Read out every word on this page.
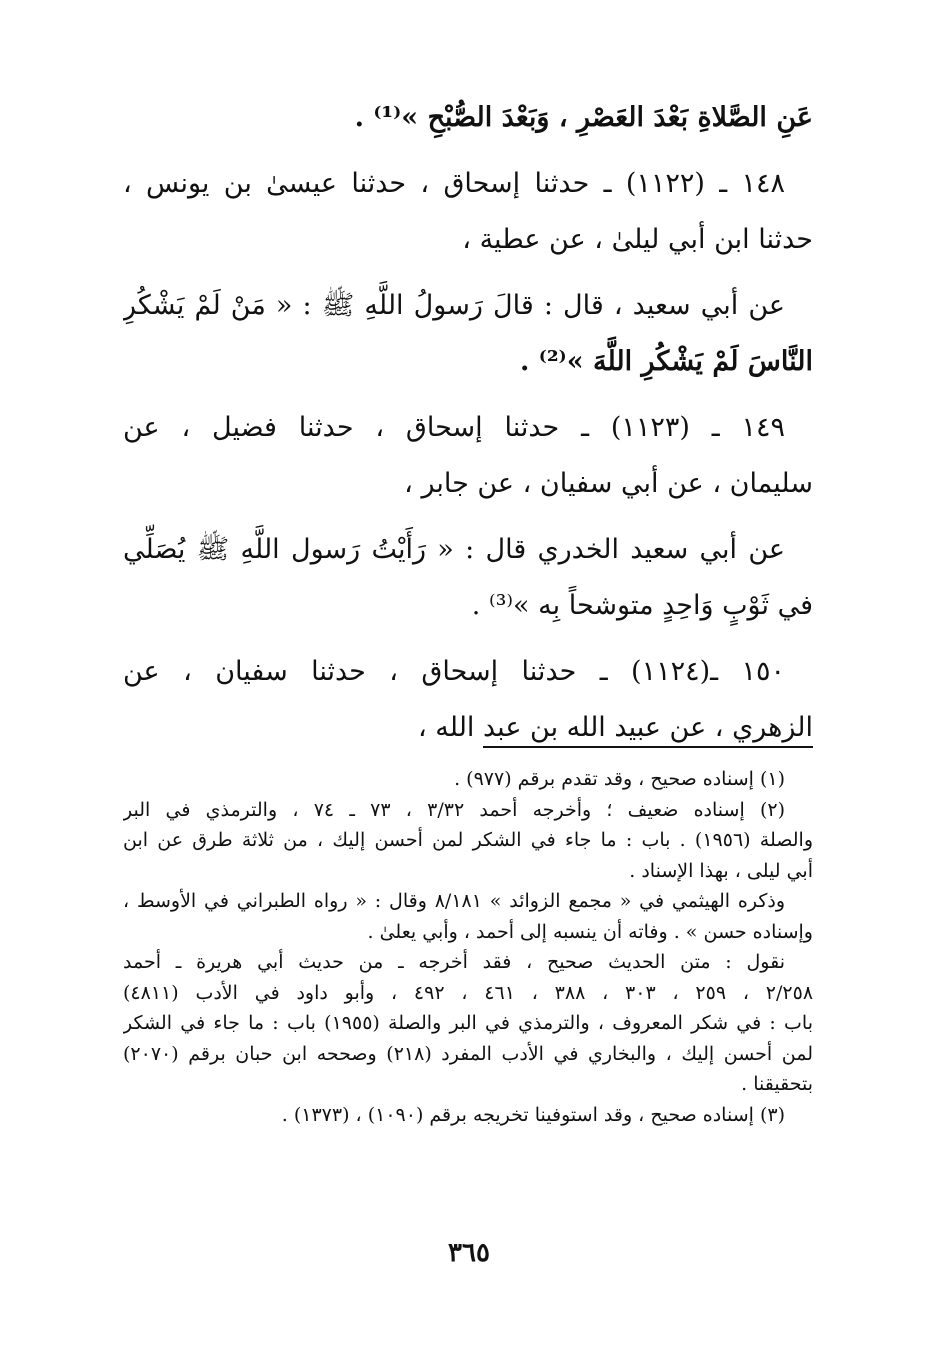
عَنِ الصَّلاةِ بَعْدَ العَصْرِ ، وَبَعْدَ الصُّبْحِ »⁽¹⁾ .
١٤٨ ـ (١١٢٢) ـ حدثنا إسحاق ، حدثنا عيسىٰ بن يونس ،
حدثنا ابن أبي ليلىٰ ، عن عطية ،
عن أبي سعيد ، قال : قالَ رَسولُ اللَّهِ ﷺ : « مَنْ لَمْ يَشْكُرِ
النَّاسَ لَمْ يَشْكُرِ اللَّهَ »⁽²⁾ .
١٤٩ ـ (١١٢٣) ـ حدثنا إسحاق ، حدثنا فضيل ، عن
سليمان ، عن أبي سفيان ، عن جابر ،
عن أبي سعيد الخدري قال : « رَأَيْتُ رَسول اللَّهِ ﷺ يُصَلِّي
في ثَوْبٍ وَاحِدٍ متوشحاً بِه »⁽³⁾ .
١٥٠ ـ(١١٢٤) ـ حدثنا إسحاق ، حدثنا سفيان ، عن
الزهري ، عن عبيد الله بن عبد الله ،
(١) إسناده صحيح ، وقد تقدم برقم (٩٧٧) .
(٢) إسناده ضعيف ؛ وأخرجه أحمد ٣/٣٢ ، ٧٣ ـ ٧٤ ، والترمذي في البر
والصلة (١٩٥٦) . باب : ما جاء في الشكر لمن أحسن إليك ، من ثلاثة طرق عن ابن
أبي ليلى ، بهذا الإسناد .
وذكره الهيثمي في « مجمع الزوائد » ٨/١٨١ وقال : « رواه الطبراني في الأوسط ،
وإسناده حسن » . وفاته أن ينسبه إلى أحمد ، وأبي يعلىٰ .
نقول : متن الحديث صحيح ، فقد أخرجه ـ من حديث أبي هريرة ـ أحمد
٢/٢٥٨ ، ٢٥٩ ، ٣٠٣ ، ٣٨٨ ، ٤٦١ ، ٤٩٢ ، وأبو داود في الأدب (٤٨١١)
باب : في شكر المعروف ، والترمذي في البر والصلة (١٩٥٥) باب : ما جاء في الشكر
لمن أحسن إليك ، والبخاري في الأدب المفرد (٢١٨) وصححه ابن حبان برقم (٢٠٧٠)
بتحقيقنا .
(٣) إسناده صحيح ، وقد استوفينا تخريجه برقم (١٠٩٠) ، (١٣٧٣) .
٣٦٥
